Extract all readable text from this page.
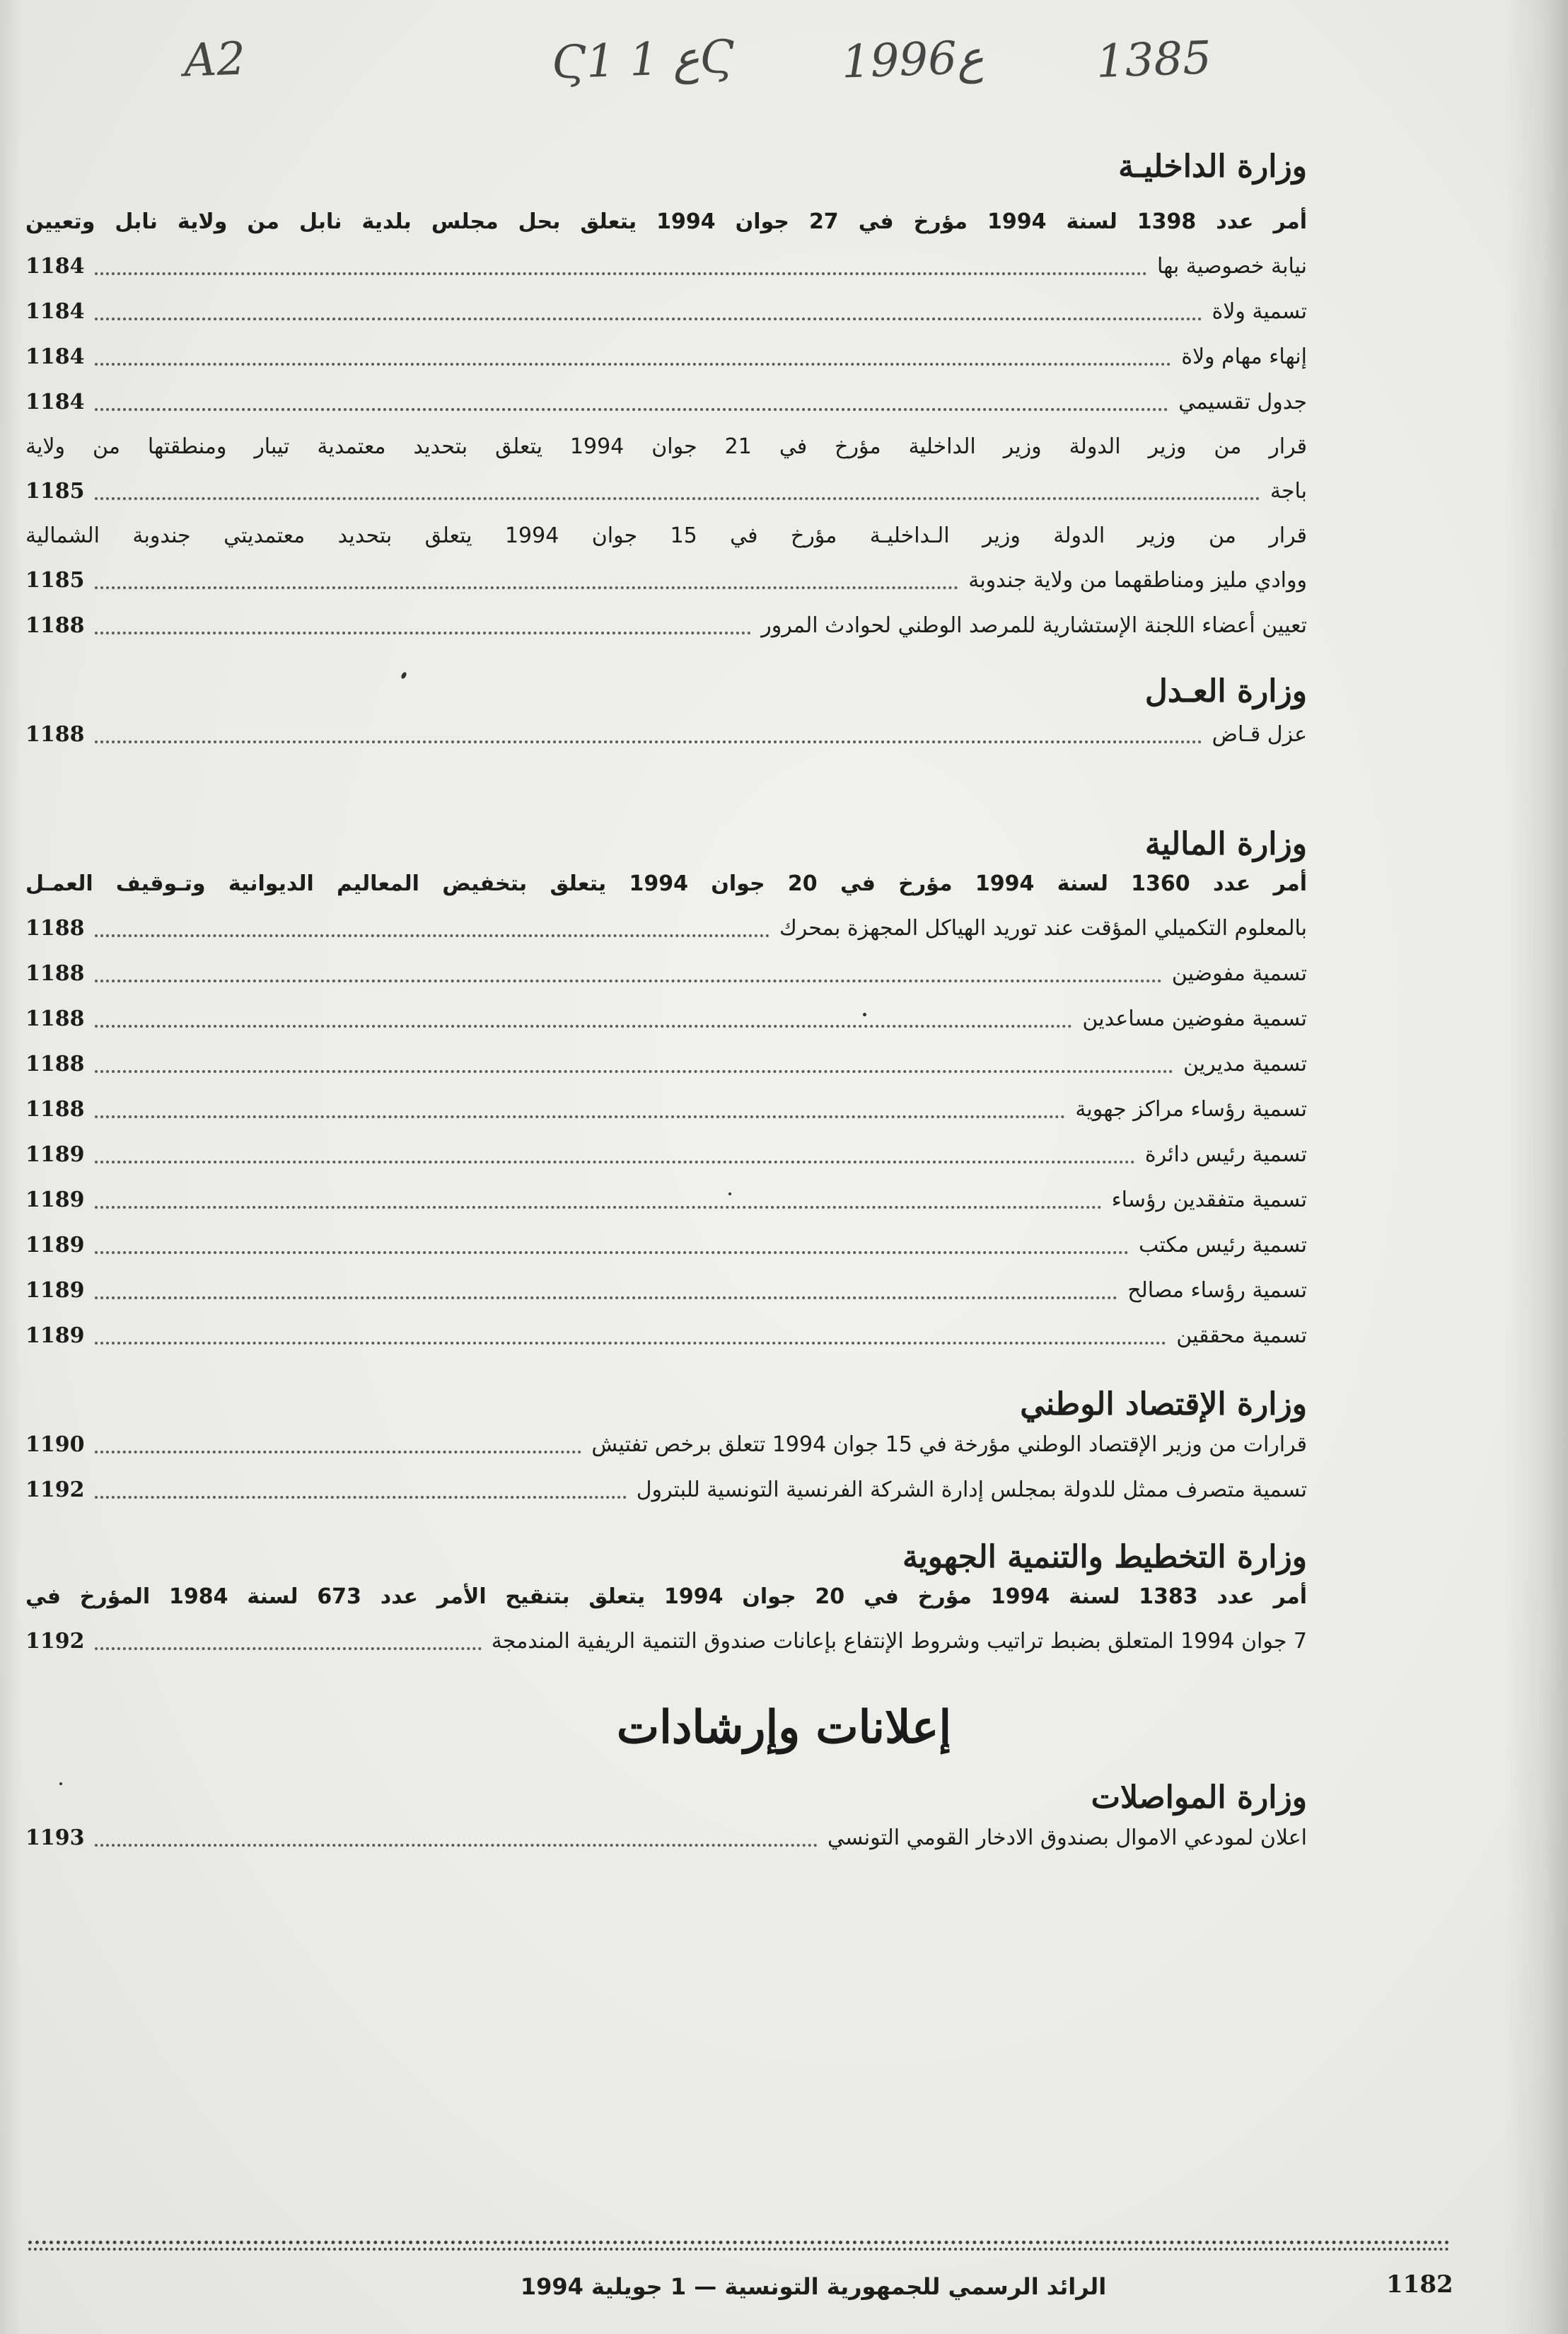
A2	Ϛ1 ع 1Ϛ 1996ع 1385
وزارة الداخليـة
أمر عدد 1398 لسنة 1994 مؤرخ في 27 جوان 1994 يتعلق بحل مجلس بلدية نابل من ولاية نابل وتعيين
نيابة خصوصية بها
1184
تسمية ولاة
1184
إنهاء مهام ولاة
1184
جدول تقسيمي
1184
قرار من وزير الدولة وزير الداخلية مؤرخ في 21 جوان 1994 يتعلق بتحديد معتمدية تيبار ومنطقتها من ولاية
باجة
1185
قرار من وزير الدولة وزير الـداخليـة مؤرخ في 15 جوان 1994 يتعلق بتحديد معتمديتي جندوبة الشمالية
ووادي مليز ومناطقهما من ولاية جندوبة
1185
تعيين أعضاء اللجنة الإستشارية للمرصد الوطني لحوادث المرور
1188
وزارة العـدل
عزل قـاض
1188
وزارة المالية
أمر عدد 1360 لسنة 1994 مؤرخ في 20 جوان 1994 يتعلق بتخفيض المعاليم الديوانية وتـوقيف العمـل
بالمعلوم التكميلي المؤقت عند توريد الهياكل المجهزة بمحرك
1188
تسمية مفوضين
1188
تسمية مفوضين مساعدين
1188
تسمية مديرين
1188
تسمية رؤساء مراكز جهوية
1188
تسمية رئيس دائرة
1189
تسمية متفقدين رؤساء
1189
تسمية رئيس مكتب
1189
تسمية رؤساء مصالح
1189
تسمية محققين
1189
وزارة الإقتصاد الوطني
قرارات من وزير الإقتصاد الوطني مؤرخة في 15 جوان 1994 تتعلق برخص تفتيش
1190
تسمية متصرف ممثل للدولة بمجلس إدارة الشركة الفرنسية التونسية للبترول
1192
وزارة التخطيط والتنمية الجهوية
أمر عدد 1383 لسنة 1994 مؤرخ في 20 جوان 1994 يتعلق بتنقيح الأمر عدد 673 لسنة 1984 المؤرخ في
7 جوان 1994 المتعلق بضبط تراتيب وشروط الإنتفاع بإعانات صندوق التنمية الريفية المندمجة
1192
وزارة المواصلات
اعلان لمودعي الاموال بصندوق الادخار القومي التونسي
1193
إعلانات وإرشادات
الرائد الرسمي للجمهورية التونسية — 1 جويلية 1994	1182
